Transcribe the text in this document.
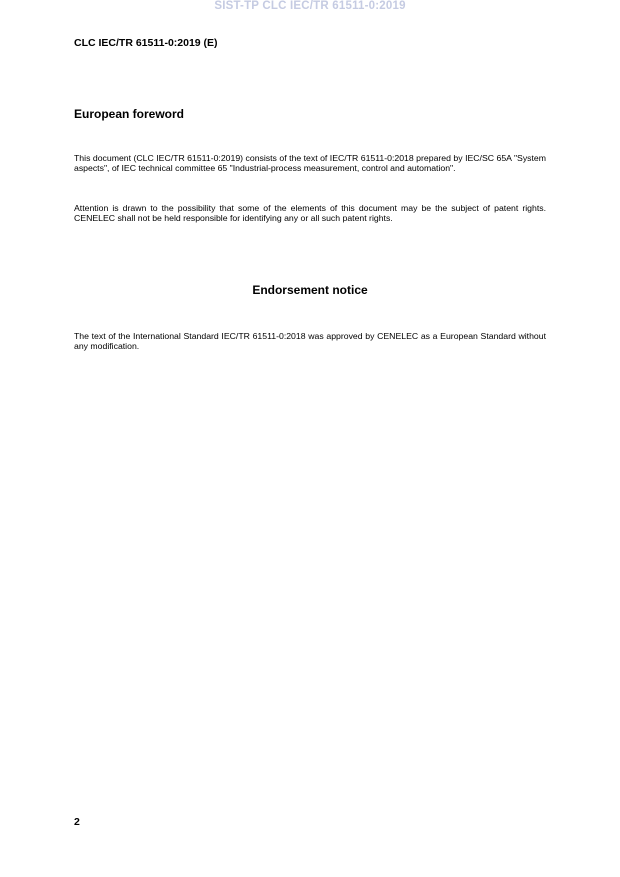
SIST-TP CLC IEC/TR 61511-0:2019
CLC IEC/TR 61511-0:2019 (E)
European foreword

This document (CLC IEC/TR 61511-0:2019) consists of the text of IEC/TR 61511-0:2018 prepared by IEC/SC 65A "System aspects", of IEC technical committee 65 "Industrial-process measurement, control and automation".

Attention is drawn to the possibility that some of the elements of this document may be the subject of patent rights. CENELEC shall not be held responsible for identifying any or all such patent rights.

Endorsement notice

The text of the International Standard IEC/TR 61511-0:2018 was approved by CENELEC as a European Standard without any modification.

2
